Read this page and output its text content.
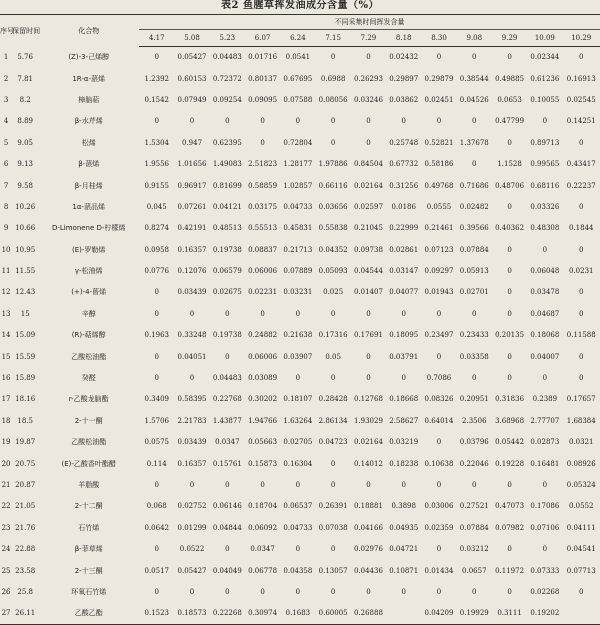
表2 鱼腥草挥发油成分含量（%）
序号	保留时间	化合物	不同采集时间挥发含量												
			4.17	5.08	5.23	6.07	6.24	7.15	7.29	8.18	8.30	9.08	9.29	10.09	10.29
1	5.76	(Z)-3-己烯醇	0	0.05427	0.04483	0.01716	0.0541	0	0	0.02432	0	0	0	0.02344	0
2	7.81	1R-α-蒎烯	1.2392	0.60153	0.72372	0.80137	0.67695	0.6988	0.26293	0.29897	0.29879	0.38544	0.49885	0.61236	0.16913
3	8.2	樟脑萜	0.1542	0.07949	0.09254	0.09095	0.07588	0.08056	0.03246	0.03862	0.02451	0.04526	0.0653	0.10055	0.02545
4	8.89	β-水芹烯	0	0	0	0	0	0	0	0	0	0	0.47799	0	0.14251
5	9.05	松烯	1.5304	0.947	0.62395	0	0.72804	0	0	0.25748	0.52821	1.37678	0	0.89713	0
6	9.13	β-蒎烯	1.9556	1.01656	1.49083	2.51823	1.28177	1.97886	0.84504	0.67732	0.58186	0	1.1528	0.99565	0.43417
7	9.58	β-月桂烯	0.9155	0.96917	0.81699	0.58859	1.02857	0.66116	0.02164	0.31256	0.49768	0.71686	0.48706	0.68116	0.22237
8	10.26	1α-蒎品烯	0.045	0.07261	0.04121	0.03175	0.04733	0.03656	0.02597	0.0186	0.0555	0.02482	0	0.03326	0
9	10.66	D-Limonene D-柠檬烯	0.8274	0.42191	0.48513	0.55513	0.45831	0.55838	0.21045	0.22999	0.21461	0.39566	0.40362	0.48308	0.1844
10	10.95	(E)-罗勒烯	0.0958	0.16357	0.19738	0.08837	0.21713	0.04352	0.09738	0.02861	0.07123	0.07884	0	0	0
11	11.55	γ-松油烯	0.0776	0.12076	0.06579	0.06006	0.07889	0.05093	0.04544	0.03147	0.09297	0.05913	0	0.06048	0.0231
12	12.43	(+)-4-蒈烯	0	0.03439	0.02675	0.02231	0.03231	0.025	0.01407	0.04077	0.01943	0.02701	0	0.03478	0
13	15	辛醇	0	0	0	0	0	0	0	0	0	0	0	0.04687	0
14	15.09	(R)-萜烯醇	0.1963	0.33248	0.19738	0.24882	0.21638	0.17316	0.17691	0.18095	0.23497	0.23433	0.20135	0.18068	0.11588
15	15.59	乙酸松油酯	0	0.04051	0	0.06006	0.03907	0.05	0	0.03791	0	0.03358	0	0.04007	0
16	15.89	癸醛	0	0	0.04483	0.03089	0	0	0	0	0.7086	0	0	0	0
17	18.16	r-乙酸龙脑酯	0.3409	0.58395	0.22768	0.30202	0.18107	0.28428	0.12768	0.18668	0.08326	0.20951	0.31836	0.2389	0.17657
18	18.5	2-十一酮	1.5706	2.21783	1.43877	1.94766	1.63264	2.86134	1.93029	2.58627	0.64014	2.3506	3.68968	2.77707	1.68384
19	19.87	乙酸松油酯	0.0575	0.03439	0.0347	0.05663	0.02705	0.04723	0.02164	0.03219	0	0.03796	0.05442	0.02873	0.0321
20	20.75	(E)-乙酸香叶酯醋	0.114	0.16357	0.15761	0.15873	0.16304	0	0.14012	0.18238	0.10638	0.22046	0.19228	0.16481	0.08926
21	20.87	羊脂酸	0	0	0	0	0	0	0	0	0	0	0	0	0.05324
22	21.05	2-十二酮	0.068	0.02752	0.06146	0.18704	0.06537	0.26391	0.18881	0.3898	0.03006	0.27521	0.47073	0.17086	0.0552
23	21.76	石竹烯	0.0642	0.01299	0.04844	0.06092	0.04733	0.07038	0.04166	0.04935	0.02359	0.07884	0.07982	0.07106	0.04111
24	22.88	β-菲草烯	0	0.0522	0	0.0347	0	0	0.02976	0.04721	0	0.03212	0	0	0.04541
25	23.58	2-十三酮	0.0517	0.05427	0.04049	0.06778	0.04358	0.13057	0.04436	0.10871	0.01434	0.0657	0.11972	0.07333	0.07713
26	25.8	环氧石竹烯	0	0	0	0	0	0	0	0	0	0	0	0.02268	0
27	26.11	乙酸乙酯	0.1523	0.18573	0.22268	0.30974	0.1683	0.60005	0.26888		0.04209	0.19929	0.3111	0.19202	
